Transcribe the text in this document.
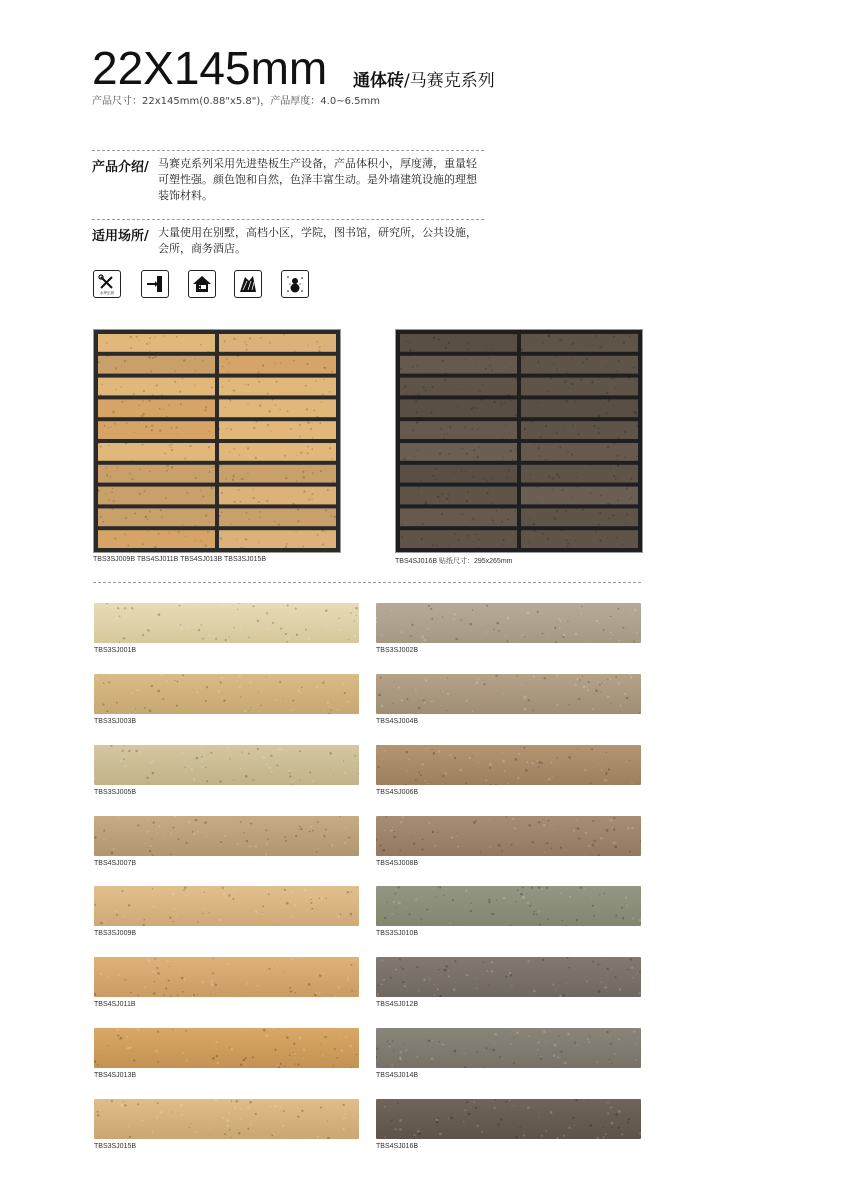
22X145mm 通体砖/马赛克系列
产品尺寸：22x145mm(0.88"x5.8")，产品厚度：4.0~6.5mm
产品介绍/ 马赛克系列采用先进垫板生产设备，产品体积小，厚度薄，重量轻
可塑性强。颜色饱和自然，色泽丰富生动。是外墙建筑设施的理想
装饰材料。
适用场所/ 大量使用在别墅，高档小区，学院，图书馆，研究所，公共设施，
会所，商务酒店。
水坪正面
TBS3SJ009B TBS4SJ011B TBS4SJ013B TBS3SJ015B	TBS4SJ016B 贴纸尺寸：295x265mm
TBS3SJ001B	TBS3SJ002B
TBS3SJ003B	TBS4SJ004B
TBS3SJ005B	TBS4SJ006B
TBS4SJ007B	TBS4SJ008B
TBS3SJ009B	TBS3SJ010B
TBS4SJ011B	TBS4SJ012B
TBS4SJ013B	TBS4SJ014B
TBS3SJ015B	TBS4SJ016B
